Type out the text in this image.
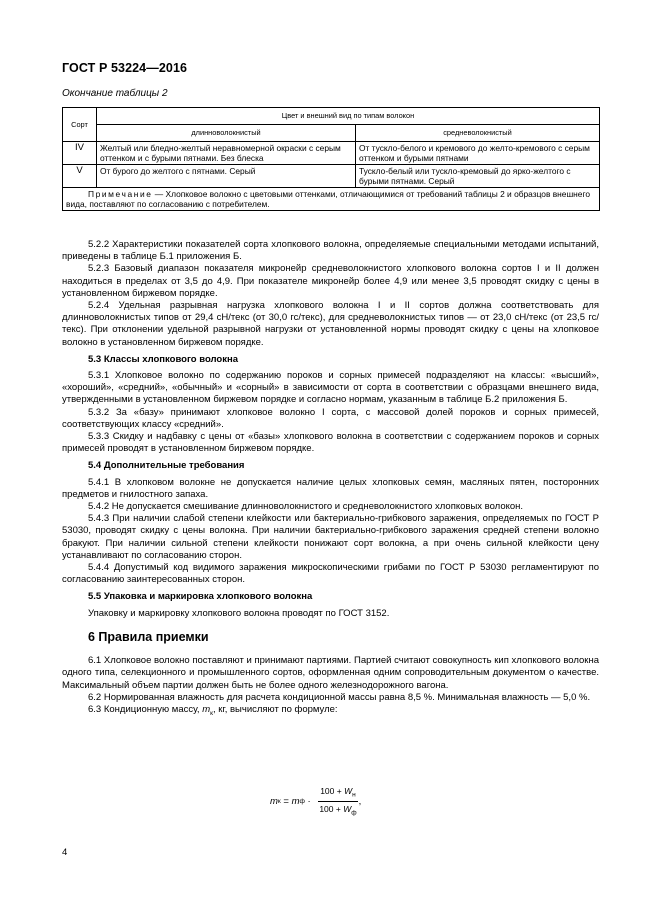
ГОСТ Р 53224—2016
Окончание таблицы 2
Сорт	Цвет и внешний вид по типам волокон	
	длинноволокнистый	средневолокнистый
IV	Желтый или бледно-желтый неравномерной окраски с серым оттенком и с бурыми пятнами. Без блеска	От тускло-белого и кремового до желто-кремового с серым оттенком и бурыми пятнами
V	От бурого до желтого с пятнами. Серый	Тускло-белый или тускло-кремовый до ярко-желтого с бурыми пятнами. Серый
Примечание — Хлопковое волокно с цветовыми оттенками, отличающимися от требований таблицы 2 и образцов внешнего вида, поставляют по согласованию с потребителем.		

5.2.2 Характеристики показателей сорта хлопкового волокна, определяемые специальными методами испытаний, приведены в таблице Б.1 приложения Б.

5.2.3 Базовый диапазон показателя микронейр средневолокнистого хлопкового волокна сортов I и II должен находиться в пределах от 3,5 до 4,9. При показателе микронейр более 4,9 или менее 3,5 проводят скидку с цены в установленном биржевом порядке.

5.2.4 Удельная разрывная нагрузка хлопкового волокна I и II сортов должна соответствовать для длинноволокнистых типов от 29,4 сН/текс (от 30,0 гс/текс), для средневолокнистых типов — от 23,0 сН/текс (от 23,5 гс/текс). При отклонении удельной разрывной нагрузки от установленной нормы проводят скидку с цены на хлопковое волокно в установленном биржевом порядке.

5.3 Классы хлопкового волокна

5.3.1 Хлопковое волокно по содержанию пороков и сорных примесей подразделяют на классы: «высший», «хороший», «средний», «обычный» и «сорный» в зависимости от сорта в соответствии с образцами внешнего вида, утвержденными в установленном биржевом порядке и согласно нормам, указанным в таблице Б.2 приложения Б.

5.3.2 За «базу» принимают хлопковое волокно I сорта, с массовой долей пороков и сорных примесей, соответствующих классу «средний».

5.3.3 Скидку и надбавку с цены от «базы» хлопкового волокна в соответствии с содержанием пороков и сорных примесей проводят в установленном биржевом порядке.

5.4 Дополнительные требования

5.4.1 В хлопковом волокне не допускается наличие целых хлопковых семян, масляных пятен, посторонних предметов и гнилостного запаха.

5.4.2 Не допускается смешивание длинноволокнистого и средневолокнистого хлопковых волокон.

5.4.3 При наличии слабой степени клейкости или бактериально-грибкового заражения, определяемых по ГОСТ Р 53030, проводят скидку с цены волокна. При наличии бактериально-грибкового заражения средней степени волокно бракуют. При наличии сильной степени клейкости понижают сорт волокна, а при очень сильной клейкости цену устанавливают по согласованию сторон.

5.4.4 Допустимый код видимого заражения микроскопическими грибами по ГОСТ Р 53030 регламентируют по согласованию заинтересованных сторон.

5.5 Упаковка и маркировка хлопкового волокна

Упаковку и маркировку хлопкового волокна проводят по ГОСТ 3152.

6 Правила приемки

6.1 Хлопковое волокно поставляют и принимают партиями. Партией считают совокупность кип хлопкового волокна одного типа, селекционного и промышленного сортов, оформленная одним сопроводительным документом о качестве. Максимальный объем партии должен быть не более одного железнодорожного вагона.

6.2 Нормированная влажность для расчета кондиционной массы равна 8,5 %. Минимальная влажность — 5,0 %.

6.3 Кондиционную массу, $m_к$, кг, вычисляют по формуле:

m к = m $ф \cdot \frac{100 + W_н}{100 + W_ф}$ ,
4
